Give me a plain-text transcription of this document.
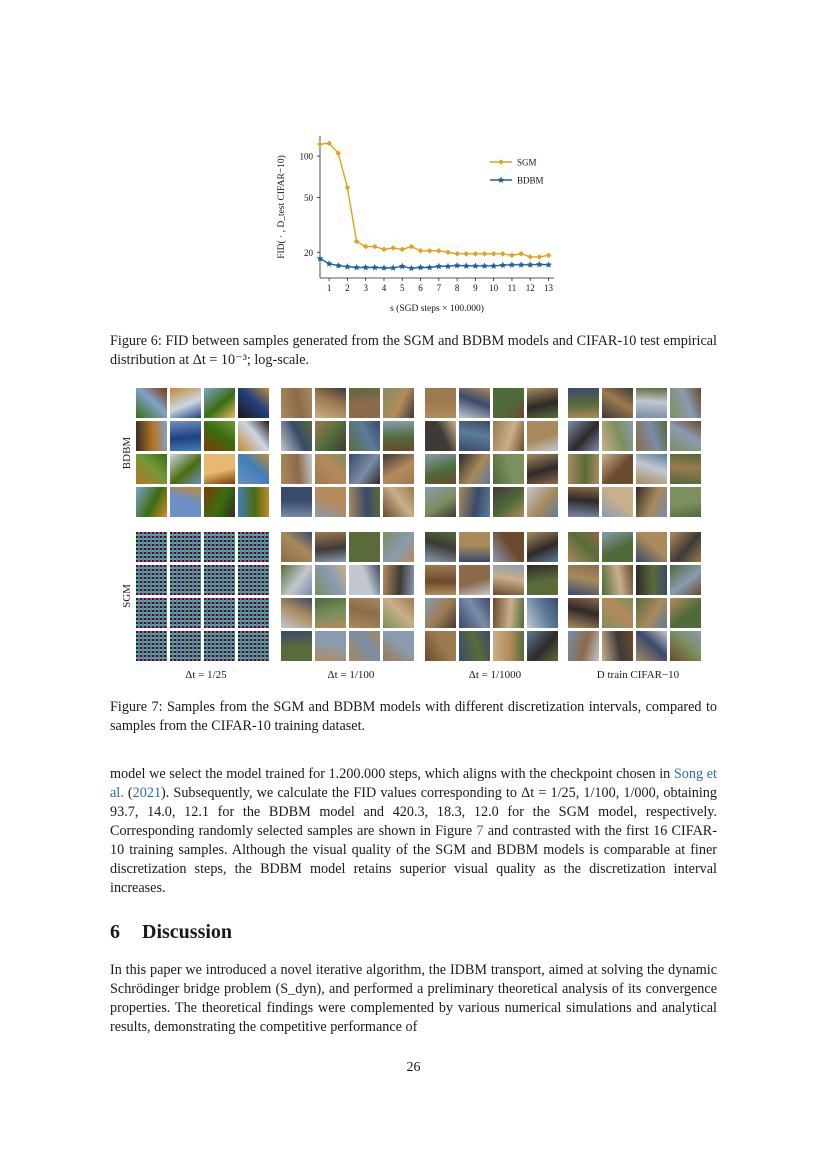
20
50
100
1 2 3 4 5 6 7 8 9 10 11 12 13
s (SGD steps × 100.000)
FID( · , D_test CIFAR−10)	SGM
BDBM
Figure 6: FID between samples generated from the SGM and BDBM models and CIFAR-10 test empirical distribution at Δt = 10⁻³; log-scale.
BDBM
SGM
Δt = 1/25	Δt = 1/100	Δt = 1/1000	D train CIFAR−10
Figure 7: Samples from the SGM and BDBM models with different discretization intervals, compared to samples from the CIFAR-10 training dataset.
model we select the model trained for 1.200.000 steps, which aligns with the checkpoint chosen in Song et al. (2021). Subsequently, we calculate the FID values corresponding to Δt = 1/25, 1/100, 1/000, obtaining 93.7, 14.0, 12.1 for the BDBM model and 420.3, 18.3, 12.0 for the SGM model, respectively. Corresponding randomly selected samples are shown in Figure 7 and contrasted with the first 16 CIFAR-10 training samples. Although the visual quality of the SGM and BDBM models is comparable at finer discretization steps, the BDBM model retains superior visual quality as the discretization interval increases.
6 Discussion
In this paper we introduced a novel iterative algorithm, the IDBM transport, aimed at solving the dynamic Schrödinger bridge problem (S_dyn), and performed a preliminary theoretical analysis of its convergence properties. The theoretical findings were complemented by various numerical simulations and analytical results, demonstrating the competitive performance of
26
